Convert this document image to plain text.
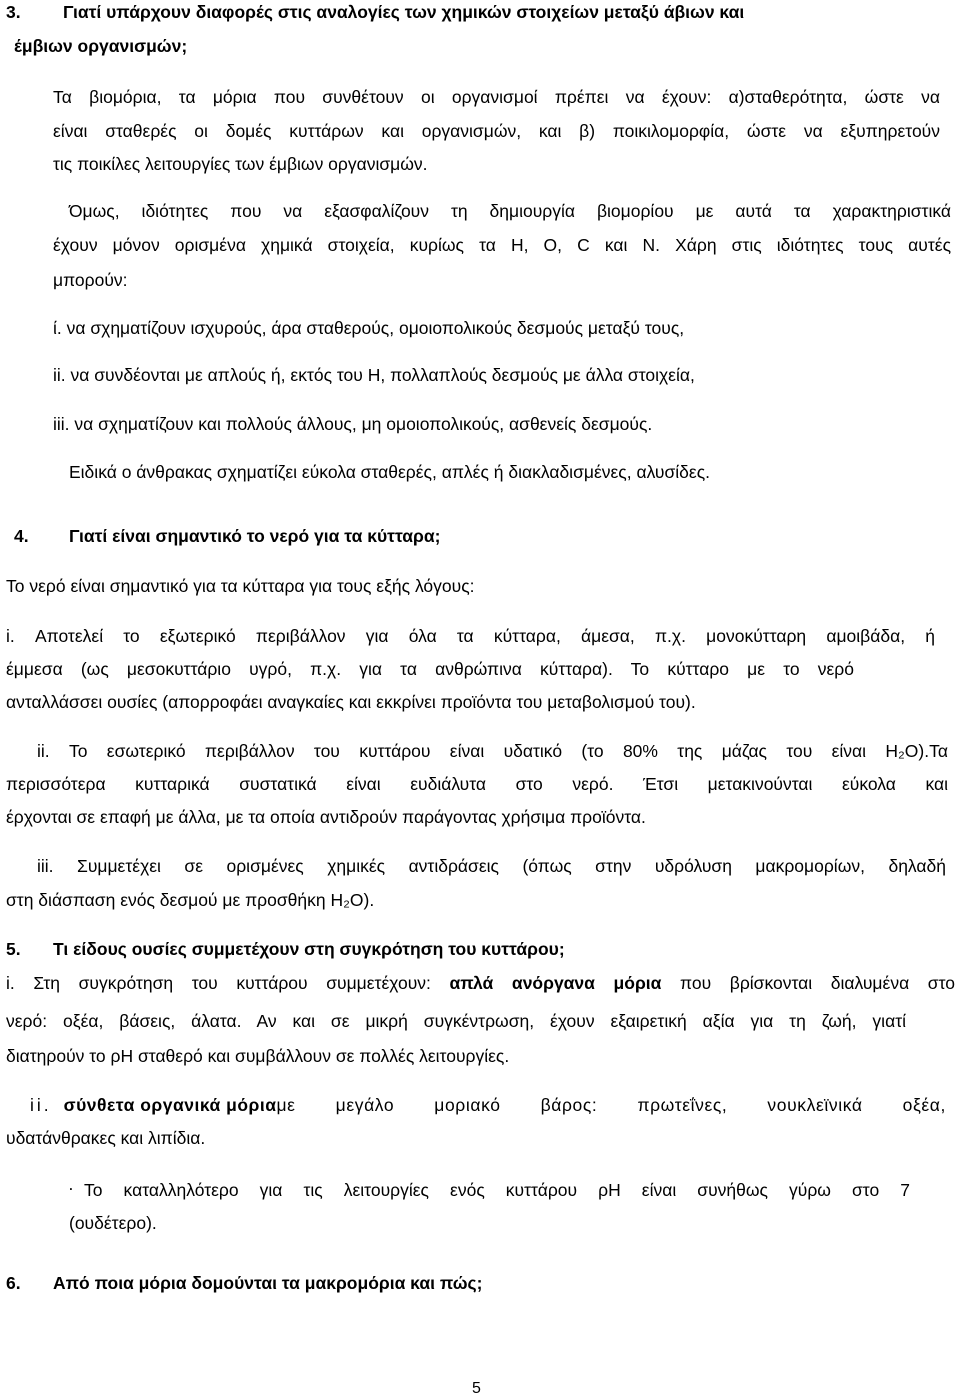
3. Γιατί υπάρχουν διαφορές στις αναλογίες των χημικών στοιχείων μεταξύ άβιων και
έμβιων οργανισμών;
Τα βιομόρια, τα μόρια που συνθέτουν οι οργανισμοί πρέπει να έχουν: α)σταθερότητα, ώστε να
είναι σταθερές οι δομές κυττάρων και οργανισμών, και β) ποικιλομορφία, ώστε να εξυπηρετούν
τις ποικίλες λειτουργίες των έμβιων οργανισμών.
Όμως, ιδιότητες που να εξασφαλίζουν τη δημιουργία βιομορίου με αυτά τα χαρακτηριστικά
έχουν μόνον ορισμένα χημικά στοιχεία, κυρίως τα Η, Ο, C και Ν. Χάρη στις ιδιότητες τους αυτές
μπορούν:
ί. να σχηματίζουν ισχυρούς, άρα σταθερούς, ομοιοπολικούς δεσμούς μεταξύ τους,
ii. να συνδέονται με απλούς ή, εκτός του Η, πολλαπλούς δεσμούς με άλλα στοιχεία,
iii. να σχηματίζουν και πολλούς άλλους, μη ομοιοπολικούς, ασθενείς δεσμούς.
Ειδικά ο άνθρακας σχηματίζει εύκολα σταθερές, απλές ή διακλαδισμένες, αλυσίδες.
4. Γιατί είναι σημαντικό το νερό για τα κύτταρα;
Το νερό είναι σημαντικό για τα κύτταρα για τους εξής λόγους:
i. Αποτελεί το εξωτερικό περιβάλλον για όλα τα κύτταρα, άμεσα, π.χ. μονοκύτταρη αμοιβάδα, ή
έμμεσα (ως μεσοκυττάριο υγρό, π.χ. για τα ανθρώπινα κύτταρα). Το κύτταρο με το νερό
ανταλλάσσει ουσίες (απορροφάει αναγκαίες και εκκρίνει προϊόντα του μεταβολισμού του).
ii. Το εσωτερικό περιβάλλον του κυττάρου είναι υδατικό (το 80% της μάζας του είναι H₂O).Τα
περισσότερα κυτταρικά συστατικά είναι ευδιάλυτα στο νερό. Έτσι μετακινούνται εύκολα και
έρχονται σε επαφή με άλλα, με τα οποία αντιδρούν παράγοντας χρήσιμα προϊόντα.
iii. Συμμετέχει σε ορισμένες χημικές αντιδράσεις (όπως στην υδρόλυση μακρομορίων, δηλαδή
στη διάσπαση ενός δεσμού με προσθήκη H₂O).
5. Τι είδους ουσίες συμμετέχουν στη συγκρότηση του κυττάρου;
i. Στη συγκρότηση του κυττάρου συμμετέχουν: απλά ανόργανα μόρια που βρίσκονται διαλυμένα στο
νερό: οξέα, βάσεις, άλατα. Αν και σε μικρή συγκέντρωση, έχουν εξαιρετική αξία για τη ζωή, γιατί
διατηρούν το ρΗ σταθερό και συμβάλλουν σε πολλές λειτουργίες.
ii. σύνθετα οργανικά μόρια με μεγάλο μοριακό βάρος: πρωτεΐνες, νουκλεϊνικά οξέα,
υδατάνθρακες και λιπίδια.
· Το καταλληλότερο για τις λειτουργίες ενός κυττάρου ρΗ είναι συνήθως γύρω στο 7
(ουδέτερο).
6. Από ποια μόρια δομούνται τα μακρομόρια και πώς;
5
